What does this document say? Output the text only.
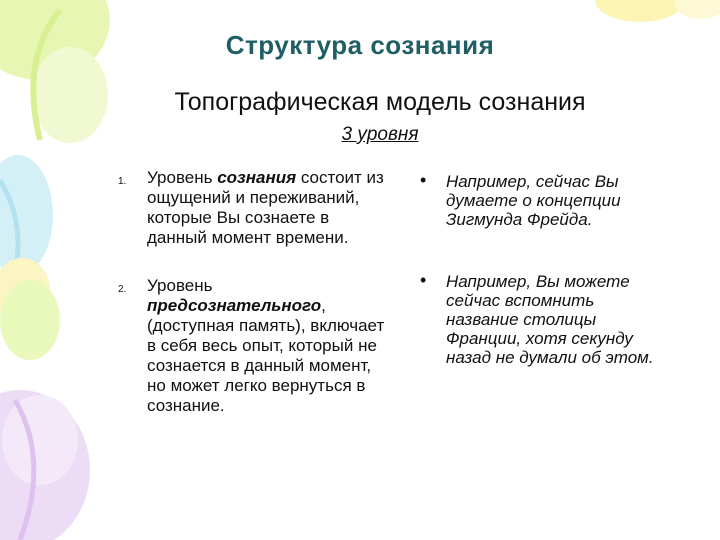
Структура сознания
Топографическая модель сознания
3 уровня
1. Уровень сознания состоит из ощущений и переживаний, которые Вы сознаете в данный момент времени.
2. Уровень предсознательного, (доступная память), включает в себя весь опыт, который не сознается в данный момент, но может легко вернуться в сознание.
• Например, сейчас Вы думаете о концепции Зигмунда Фрейда.
• Например, Вы можете сейчас вспомнить название столицы Франции, хотя секунду назад не думали об этом.
